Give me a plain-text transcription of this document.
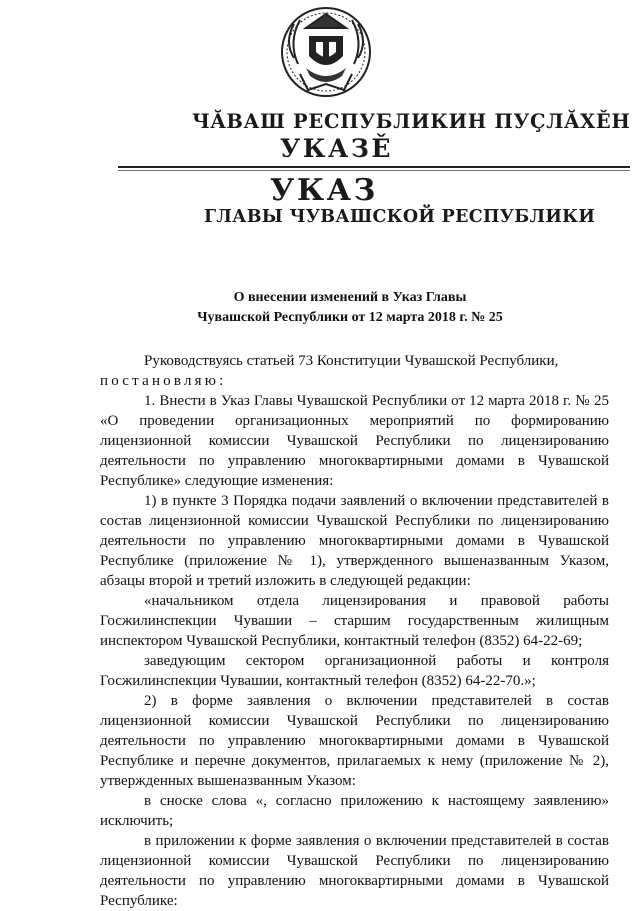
ЧĂВАШ РЕСПУБЛИКИН ПУÇЛĂХĚН
УКАЗĚ
УКАЗ
ГЛАВЫ ЧУВАШСКОЙ РЕСПУБЛИКИ
О внесении изменений в Указ Главы
Чувашской Республики от 12 марта 2018 г. № 25

Руководствуясь статьей 73 Конституции Чувашской Республики,

постановляю:

1. Внести в Указ Главы Чувашской Республики от 12 марта 2018 г. № 25 «О проведении организационных мероприятий по формированию лицензионной комиссии Чувашской Республики по лицензированию деятельности по управлению многоквартирными домами в Чувашской Республике» следующие изменения:

1) в пункте 3 Порядка подачи заявлений о включении представителей в состав лицензионной комиссии Чувашской Республики по лицензированию деятельности по управлению многоквартирными домами в Чувашской Республике (приложение № 1), утвержденного вышеназванным Указом, абзацы второй и третий изложить в следующей редакции:

«начальником отдела лицензирования и правовой работы Госжилинспекции Чувашии – старшим государственным жилищным инспектором Чувашской Республики, контактный телефон (8352) 64-22-69;

заведующим сектором организационной работы и контроля Госжилинспекции Чувашии, контактный телефон (8352) 64-22-70.»;

2) в форме заявления о включении представителей в состав лицензионной комиссии Чувашской Республики по лицензированию деятельности по управлению многоквартирными домами в Чувашской Республике и перечне документов, прилагаемых к нему (приложение № 2), утвержденных вышеназванным Указом:

в сноске слова «, согласно приложению к настоящему заявлению» исключить;

в приложении к форме заявления о включении представителей в состав лицензионной комиссии Чувашской Республики по лицензированию деятельности по управлению многоквартирными домами в Чувашской Республике:
